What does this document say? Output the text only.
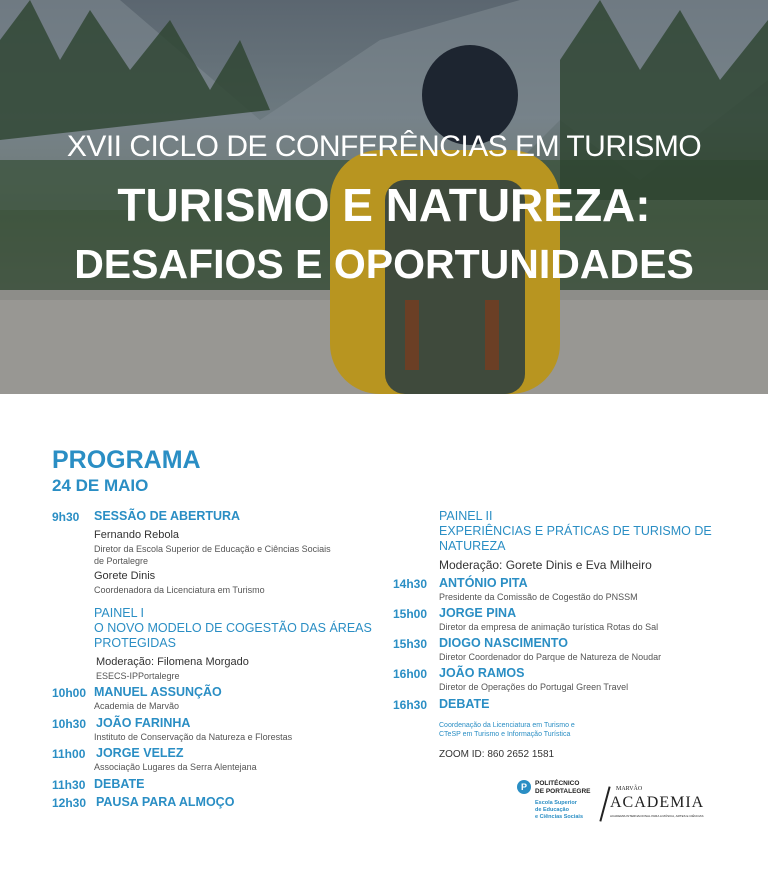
XVII CICLO DE CONFERÊNCIAS EM TURISMO
TURISMO E NATUREZA:
DESAFIOS E OPORTUNIDADES
PROGRAMA
24 DE MAIO
9h30 SESSÃO DE ABERTURA
Fernando Rebola
Diretor da Escola Superior de Educação e Ciências Sociais
de Portalegre
Gorete Dinis
Coordenadora da Licenciatura em Turismo
PAINEL I
O NOVO MODELO DE COGESTÃO DAS ÁREAS
PROTEGIDAS
Moderação: Filomena Morgado
ESECS-IPPortalegre
10h00 MANUEL ASSUNÇÃO
Academia de Marvão
10h30 JOÃO FARINHA
Instituto de Conservação da Natureza e Florestas
11h00 JORGE VELEZ
Associação Lugares da Serra Alentejana
11h30 DEBATE
12h30 PAUSA PARA ALMOÇO
PAINEL II
EXPERIÊNCIAS E PRÁTICAS DE TURISMO DE
NATUREZA
Moderação: Gorete Dinis e Eva Milheiro
14h30 ANTÓNIO PITA
Presidente da Comissão de Cogestão do PNSSM
15h00 JORGE PINA
Diretor da empresa de animação turística Rotas do Sal
15h30 DIOGO NASCIMENTO
Diretor Coordenador do Parque de Natureza de Noudar
16h00 JOÃO RAMOS
Diretor de Operações do Portugal Green Travel
16h30 DEBATE
Coordenação da Licenciatura em Turismo e
CTeSP em Turismo e Informação Turística
ZOOM ID: 860 2652 1581
P	POLITÉCNICO
DE PORTALEGRE
Escola Superior
de Educação
e Ciências Sociais
MARVÃO
ACADEMIA
ACADEMIA INTERNACIONAL PARA A MÚSICA, ARTES E CIÊNCIAS
